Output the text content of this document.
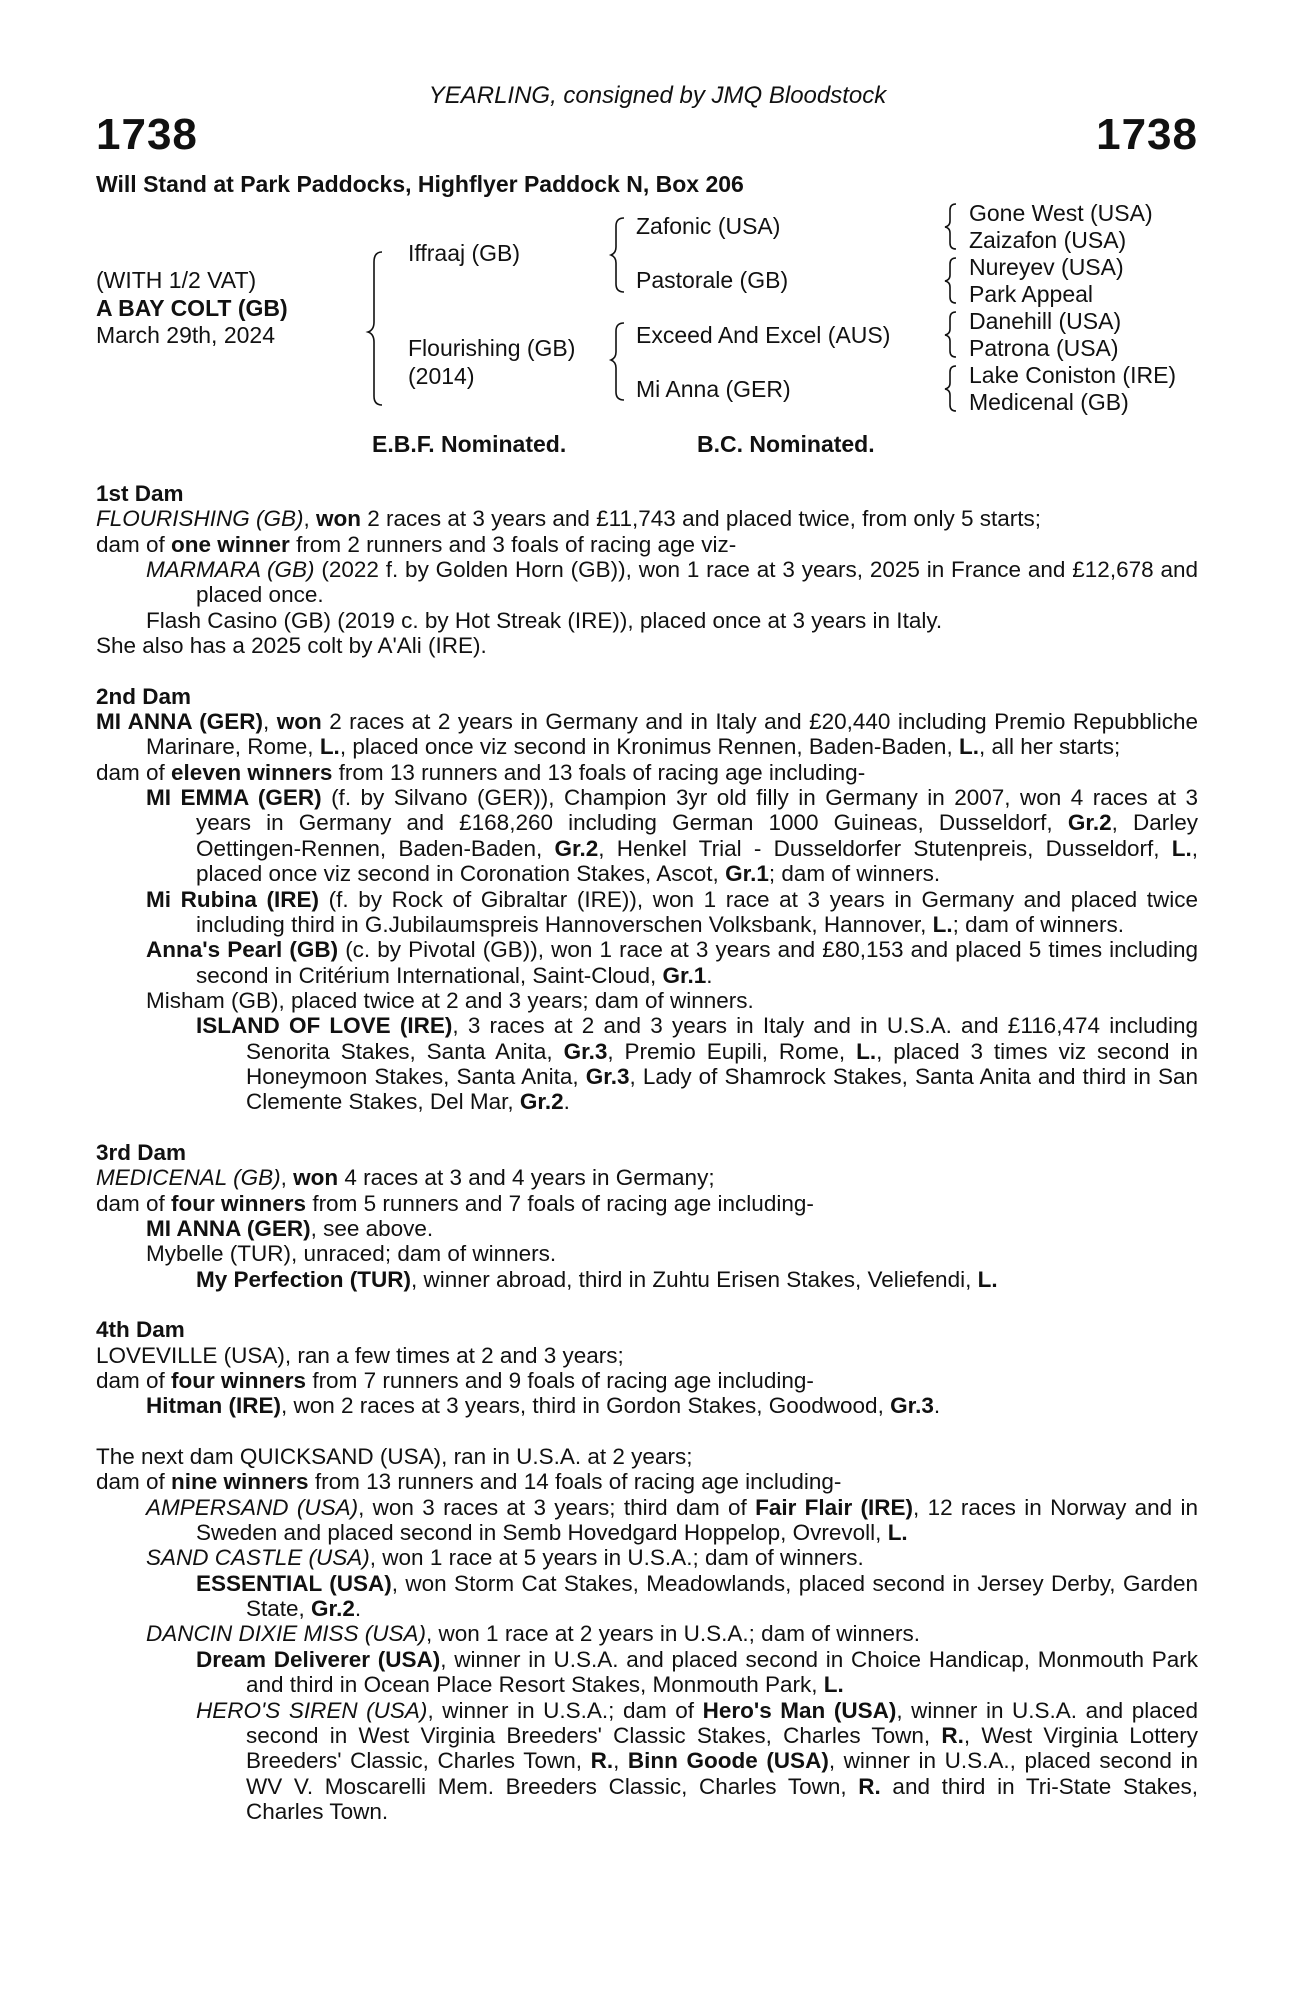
YEARLING, consigned by JMQ Bloodstock
1738	1738
Will Stand at Park Paddocks, Highflyer Paddock N, Box 206
(WITH 1/2 VAT)
A BAY COLT (GB)
March 29th, 2024
Iffraaj (GB)
Flourishing (GB)
(2014)
Zafonic (USA)
Pastorale (GB)
Exceed And Excel (AUS)
Mi Anna (GER)
Gone West (USA)
Zaizafon (USA)
Nureyev (USA)
Park Appeal
Danehill (USA)
Patrona (USA)
Lake Coniston (IRE)
Medicenal (GB)
E.B.F. Nominated.	B.C. Nominated.
1st Dam
FLOURISHING (GB), won 2 races at 3 years and £11,743 and placed twice, from only 5 starts;
dam of one winner from 2 runners and 3 foals of racing age viz-
MARMARA (GB) (2022 f. by Golden Horn (GB)), won 1 race at 3 years, 2025 in France and £12,678 and placed once.
Flash Casino (GB) (2019 c. by Hot Streak (IRE)), placed once at 3 years in Italy.
She also has a 2025 colt by A'Ali (IRE).
2nd Dam
MI ANNA (GER), won 2 races at 2 years in Germany and in Italy and £20,440 including Premio Repubbliche Marinare, Rome, L., placed once viz second in Kronimus Rennen, Baden-Baden, L., all her starts;
dam of eleven winners from 13 runners and 13 foals of racing age including-
MI EMMA (GER) (f. by Silvano (GER)), Champion 3yr old filly in Germany in 2007, won 4 races at 3 years in Germany and £168,260 including German 1000 Guineas, Dusseldorf, Gr.2, Darley Oettingen-Rennen, Baden-Baden, Gr.2, Henkel Trial - Dusseldorfer Stutenpreis, Dusseldorf, L., placed once viz second in Coronation Stakes, Ascot, Gr.1; dam of winners.
Mi Rubina (IRE) (f. by Rock of Gibraltar (IRE)), won 1 race at 3 years in Germany and placed twice including third in G.Jubilaumspreis Hannoverschen Volksbank, Hannover, L.; dam of winners.
Anna's Pearl (GB) (c. by Pivotal (GB)), won 1 race at 3 years and £80,153 and placed 5 times including second in Critérium International, Saint-Cloud, Gr.1.
Misham (GB), placed twice at 2 and 3 years; dam of winners.
ISLAND OF LOVE (IRE), 3 races at 2 and 3 years in Italy and in U.S.A. and £116,474 including Senorita Stakes, Santa Anita, Gr.3, Premio Eupili, Rome, L., placed 3 times viz second in Honeymoon Stakes, Santa Anita, Gr.3, Lady of Shamrock Stakes, Santa Anita and third in San Clemente Stakes, Del Mar, Gr.2.
3rd Dam
MEDICENAL (GB), won 4 races at 3 and 4 years in Germany;
dam of four winners from 5 runners and 7 foals of racing age including-
MI ANNA (GER), see above.
Mybelle (TUR), unraced; dam of winners.
My Perfection (TUR), winner abroad, third in Zuhtu Erisen Stakes, Veliefendi, L.
4th Dam
LOVEVILLE (USA), ran a few times at 2 and 3 years;
dam of four winners from 7 runners and 9 foals of racing age including-
Hitman (IRE), won 2 races at 3 years, third in Gordon Stakes, Goodwood, Gr.3.
The next dam QUICKSAND (USA), ran in U.S.A. at 2 years;
dam of nine winners from 13 runners and 14 foals of racing age including-
AMPERSAND (USA), won 3 races at 3 years; third dam of Fair Flair (IRE), 12 races in Norway and in Sweden and placed second in Semb Hovedgard Hoppelop, Ovrevoll, L.
SAND CASTLE (USA), won 1 race at 5 years in U.S.A.; dam of winners.
ESSENTIAL (USA), won Storm Cat Stakes, Meadowlands, placed second in Jersey Derby, Garden State, Gr.2.
DANCIN DIXIE MISS (USA), won 1 race at 2 years in U.S.A.; dam of winners.
Dream Deliverer (USA), winner in U.S.A. and placed second in Choice Handicap, Monmouth Park and third in Ocean Place Resort Stakes, Monmouth Park, L.
HERO'S SIREN (USA), winner in U.S.A.; dam of Hero's Man (USA), winner in U.S.A. and placed second in West Virginia Breeders' Classic Stakes, Charles Town, R., West Virginia Lottery Breeders' Classic, Charles Town, R., Binn Goode (USA), winner in U.S.A., placed second in WV V. Moscarelli Mem. Breeders Classic, Charles Town, R. and third in Tri-State Stakes, Charles Town.
